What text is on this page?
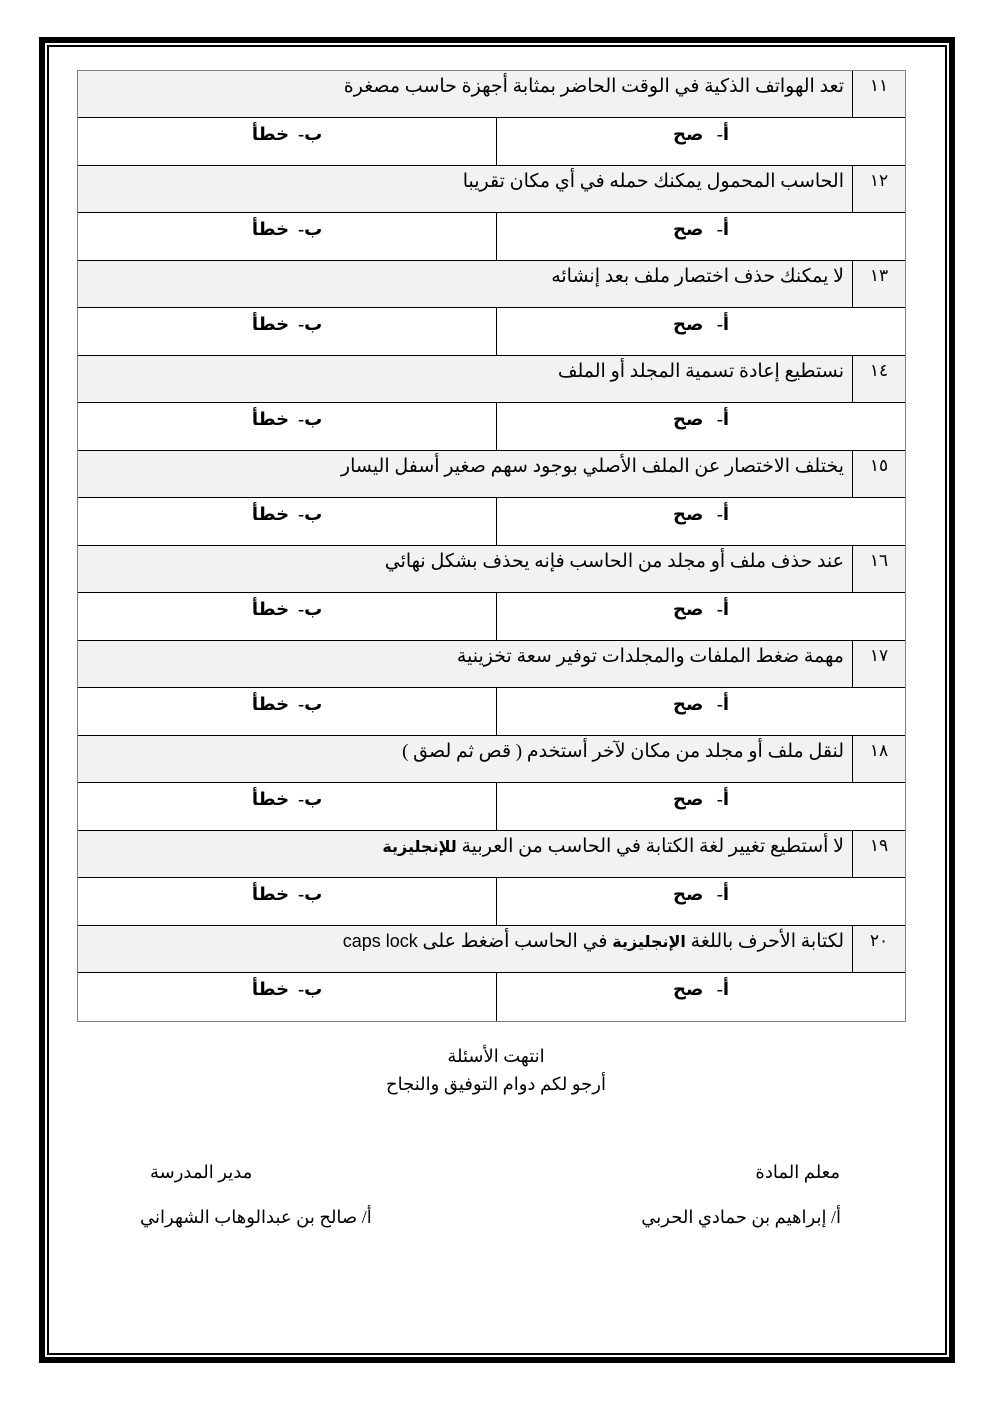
١١
تعد الهواتف الذكية في الوقت الحاضر بمثابة أجهزة حاسب مصغرة
أ-   صح
ب-  خطأ
١٢
الحاسب المحمول يمكنك حمله في أي مكان تقريبا
أ-   صح
ب-  خطأ
١٣
لا يمكنك حذف اختصار ملف بعد إنشائه
أ-   صح
ب-  خطأ
١٤
نستطيع إعادة تسمية المجلد أو الملف
أ-   صح
ب-  خطأ
١٥
يختلف الاختصار عن الملف الأصلي بوجود سهم صغير أسفل اليسار
أ-   صح
ب-  خطأ
١٦
عند حذف ملف أو مجلد من الحاسب فإنه يحذف بشكل نهائي
أ-   صح
ب-  خطأ
١٧
مهمة ضغط الملفات والمجلدات توفير سعة تخزينية
أ-   صح
ب-  خطأ
١٨
لنقل ملف أو مجلد من مكان لآخر أستخدم ( قص ثم لصق )
أ-   صح
ب-  خطأ
١٩
لا أستطيع تغيير لغة الكتابة في الحاسب من العربية للإنجليزية
أ-   صح
ب-  خطأ
٢٠
لكتابة الأحرف باللغة الإنجليزية في الحاسب أضغط على caps lock
أ-   صح
ب-  خطأ
انتهت الأسئلة
أرجو لكم دوام التوفيق والنجاح
معلم المادة
مدير المدرسة
أ/ إبراهيم بن حمادي الحربي
أ/ صالح بن عبدالوهاب الشهراني
